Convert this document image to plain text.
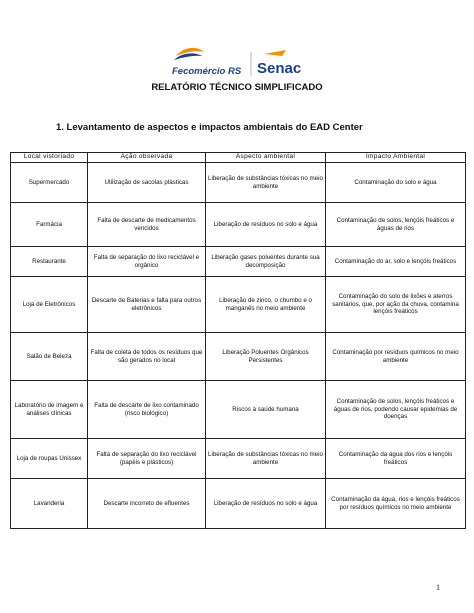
Fecomércio RS Senac
RELATÓRIO TÉCNICO SIMPLIFICADO
1. Levantamento de aspectos e impactos ambientais do EAD Center
Local vistoriado	Ação observada	Aspecto ambiental	Impacto Ambiental
Supermercado	Utilização de sacolas plásticas	Liberação de substâncias tóxicas no meio ambiente	Contaminação do solo e água
Farmácia	Falta de descarte de medicamentos vencidos	Liberação de resíduos no solo e água	Contaminação de solos, lençóis freáticos e águas de rios
Restaurante	Falta de separação do lixo reciclável e orgânico	Liberação gases poluentes durante sua decomposição	Contaminação do ar, solo e lençóis freáticos
Loja de Eletrônicos	Descarte de Baterias e falta para outros eletrônicos	Liberação de zinco, o chumbo e o manganês no meio ambiente	Contaminação do solo de lixões e aterros sanitários, que, por ação da chuva, contamina lençóis freáticos
Salão de Beleza	Falta de coleta de todos os resíduos que são gerados no local	Liberação Poluentes Orgânicos Persistentes	Contaminação por resíduos químicos no meio ambiente
Laboratório de imagem e análises clínicas	Falta de descarte de lixo contaminado (risco biológico)	Riscos à saúde humana	Contaminação de solos, lençóis freáticos e águas de rios, podendo causar epidemias de doenças
Loja de roupas Unissex	Falta de separação do lixo reciclável (papéis e plásticos)	Liberação de substâncias tóxicas no meio ambiente	Contaminação da água dos rios e lençóis freáticos
Lavanderia	Descarte incorreto de efluentes	Liberação de resíduos no solo e água	Contaminação da água, rios e lençóis freáticos por resíduos químicos no meio ambiente
1
